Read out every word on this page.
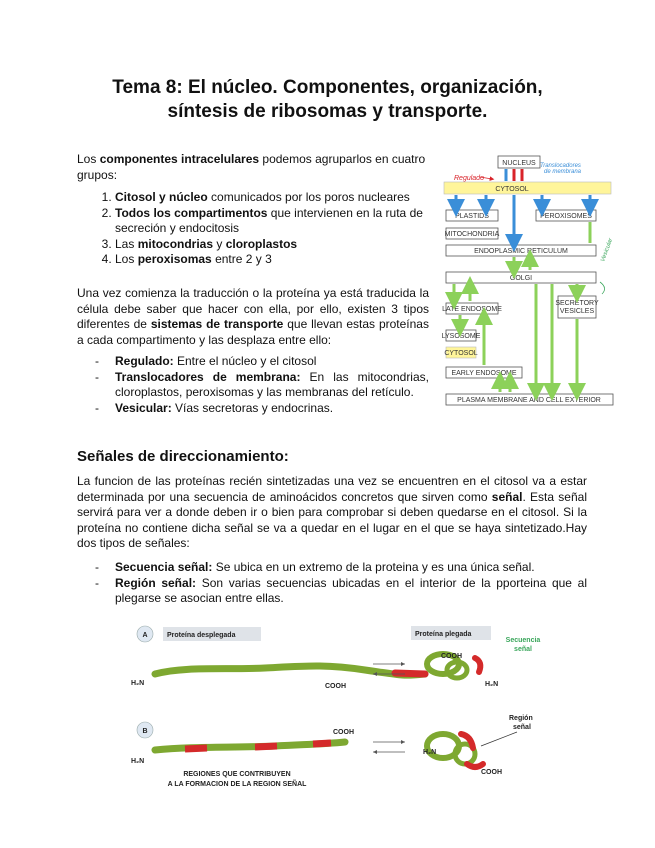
Tema 8: El núcleo. Componentes, organización,
síntesis de ribosomas y transporte.
Los componentes intracelulares podemos agruparlos en cuatro grupos:
1. Citosol y núcleo comunicados por los poros nucleares
2. Todos los compartimentos que intervienen en la ruta de secreción y endocitosis
3. Las mitocondrias y cloroplastos
4. Los peroxisomas entre 2 y 3
Una vez comienza la traducción o la proteína ya está traducida la célula debe saber que hacer con ella, por ello, existen 3 tipos diferentes de sistemas de transporte que llevan estas proteínas a cada compartimento y las desplaza entre ello:
- Regulado: Entre el núcleo y el citosol
- Translocadores de membrana: En las mitocondrias, cloroplastos, peroxisomas y las membranas del retículo.
- Vesicular: Vías secretoras y endocrinas.
NUCLEUS
Regulado
Translocadores de membrana
CYTOSOL
PLASTIDS	PEROXISOMES
MITOCHONDRIA
ENDOPLASMIC RETICULUM	Vesicular
GOLGI
LATE ENDOSOME
SECRETORY VESICLES
LYSOSOME
CYTOSOL
EARLY ENDOSOME
PLASMA MEMBRANE AND CELL EXTERIOR
Señales de direccionamiento:
La funcion de las proteínas recién sintetizadas una vez se encuentren en el citosol va a estar determinada por una secuencia de aminoácidos concretos que sirven como señal. Esta señal servirá para ver a donde deben ir o bien para comprobar si deben quedarse en el citosol. Si la proteína no contiene dicha señal se va a quedar en el lugar en el que se haya sintetizado.Hay dos tipos de señales:
- Secuencia señal: Se ubica en un extremo de la proteina y es una única señal.
- Región señal: Son varias secuencias ubicadas en el interior de la pporteina que al plegarse se asocian entre ellas.
A	Proteína desplegada
H₂N	COOH
Proteína plegada
Secuencia
señal
COOH
H₂N
B
H₂N
COOH
REGIONES QUE CONTRIBUYEN
A LA FORMACION DE LA REGION SEÑAL
H₂N
COOH
Región
señal
